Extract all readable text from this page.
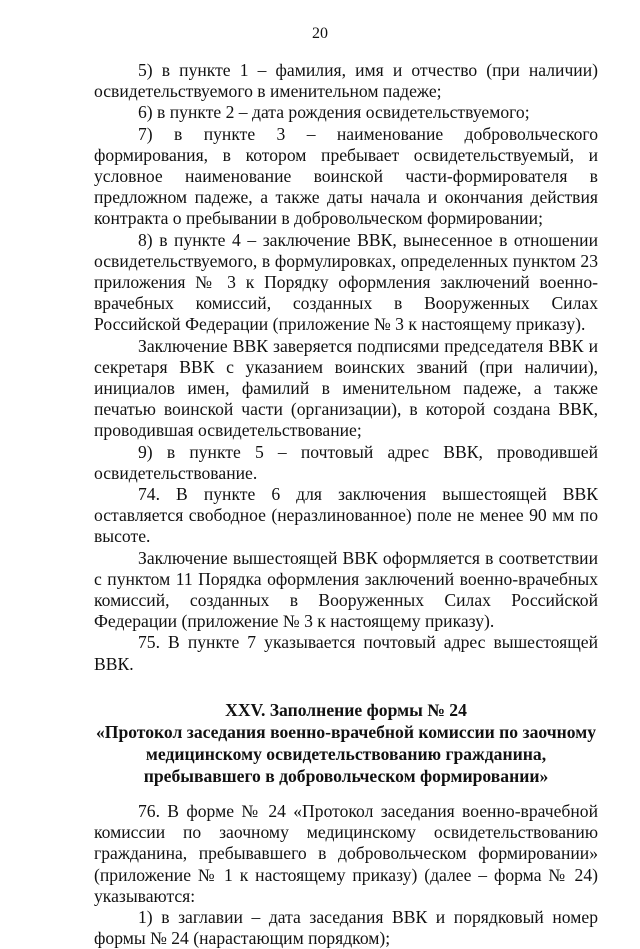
20

5) в пункте 1 – фамилия, имя и отчество (при наличии) освидетельствуемого в именительном падеже;

6) в пункте 2 – дата рождения освидетельствуемого;

7) в пункте 3 – наименование добровольческого формирования, в котором пребывает освидетельствуемый, и условное наименование воинской части-формирователя в предложном падеже, а также даты начала и окончания действия контракта о пребывании в добровольческом формировании;

8) в пункте 4 – заключение ВВК, вынесенное в отношении освидетельствуемого, в формулировках, определенных пунктом 23 приложения № 3 к Порядку оформления заключений военно-врачебных комиссий, созданных в Вооруженных Силах Российской Федерации (приложение № 3 к настоящему приказу).

Заключение ВВК заверяется подписями председателя ВВК и секретаря ВВК с указанием воинских званий (при наличии), инициалов имен, фамилий в именительном падеже, а также печатью воинской части (организации), в которой создана ВВК, проводившая освидетельствование;

9) в пункте 5 – почтовый адрес ВВК, проводившей освидетельствование.

74. В пункте 6 для заключения вышестоящей ВВК оставляется свободное (неразлинованное) поле не менее 90 мм по высоте.

Заключение вышестоящей ВВК оформляется в соответствии с пунктом 11 Порядка оформления заключений военно-врачебных комиссий, созданных в Вооруженных Силах Российской Федерации (приложение № 3 к настоящему приказу).

75. В пункте 7 указывается почтовый адрес вышестоящей ВВК.

XXV. Заполнение формы № 24
«Протокол заседания военно-врачебной комиссии по заочному
медицинскому освидетельствованию гражданина,
пребывавшего в добровольческом формировании»

76. В форме № 24 «Протокол заседания военно-врачебной комиссии по заочному медицинскому освидетельствованию гражданина, пребывавшего в добровольческом формировании» (приложение № 1 к настоящему приказу) (далее – форма № 24) указываются:

1) в заглавии – дата заседания ВВК и порядковый номер формы № 24 (нарастающим порядком);
